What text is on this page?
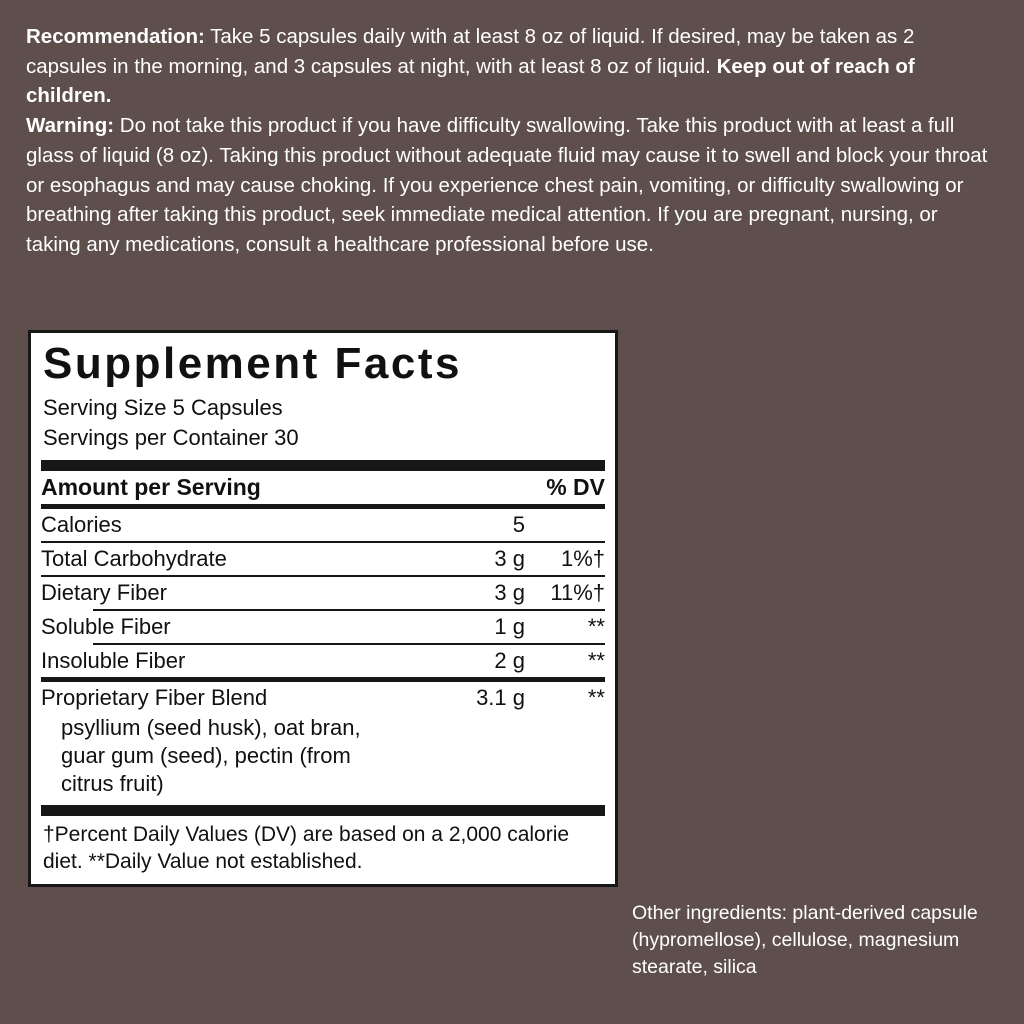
Recommendation: Take 5 capsules daily with at least 8 oz of liquid. If desired, may be taken as 2 capsules in the morning, and 3 capsules at night, with at least 8 oz of liquid. Keep out of reach of children.

Warning: Do not take this product if you have difficulty swallowing. Take this product with at least a full glass of liquid (8 oz). Taking this product without adequate fluid may cause it to swell and block your throat or esophagus and may cause choking. If you experience chest pain, vomiting, or difficulty swallowing or breathing after taking this product, seek immediate medical attention. If you are pregnant, nursing, or taking any medications, consult a healthcare professional before use.

Supplement Facts
Serving Size 5 Capsules
Servings per Container 30
Amount per Serving		% DV
Calories	5	
Total Carbohydrate	3 g	1%†
Dietary Fiber	3 g	11%†
Soluble Fiber	1 g	**
Insoluble Fiber	2 g	**
Proprietary Fiber Blend	3.1 g	**
psyllium (seed husk), oat bran,
guar gum (seed), pectin (from
citrus fruit)
†Percent Daily Values (DV) are based on a 2,000 calorie diet. **Daily Value not established.
Other ingredients: plant-derived capsule (hypromellose), cellulose, magnesium stearate, silica
